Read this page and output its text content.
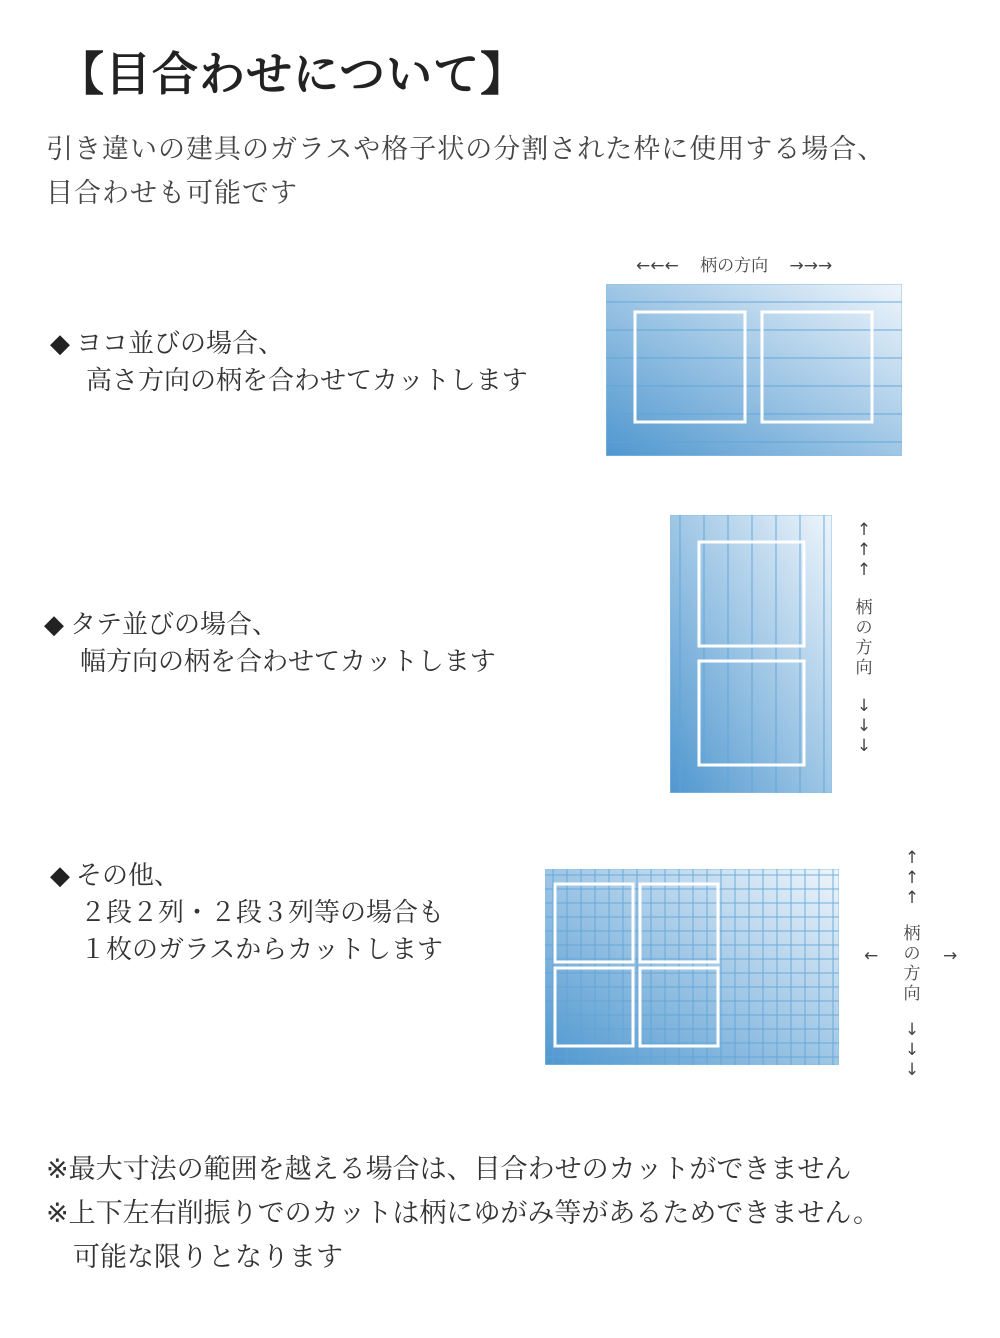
【目合わせについて】
引き違いの建具のガラスや格子状の分割された枠に使用する場合、
目合わせも可能です
◆ ヨコ並びの場合、
高さ方向の柄を合わせてカットします
←←← 柄の方向 →→→
◆ タテ並びの場合、
幅方向の柄を合わせてカットします
↑
↑
↑
柄
の
方
向
↓
↓
↓
◆ その他、
２段２列・２段３列等の場合も
１枚のガラスからカットします
↑
↑
↑
柄
の
方
向
↓
↓
↓
←	→
※最大寸法の範囲を越える場合は、目合わせのカットができません
※上下左右削振りでのカットは柄にゆがみ等があるためできません。
　可能な限りとなります
